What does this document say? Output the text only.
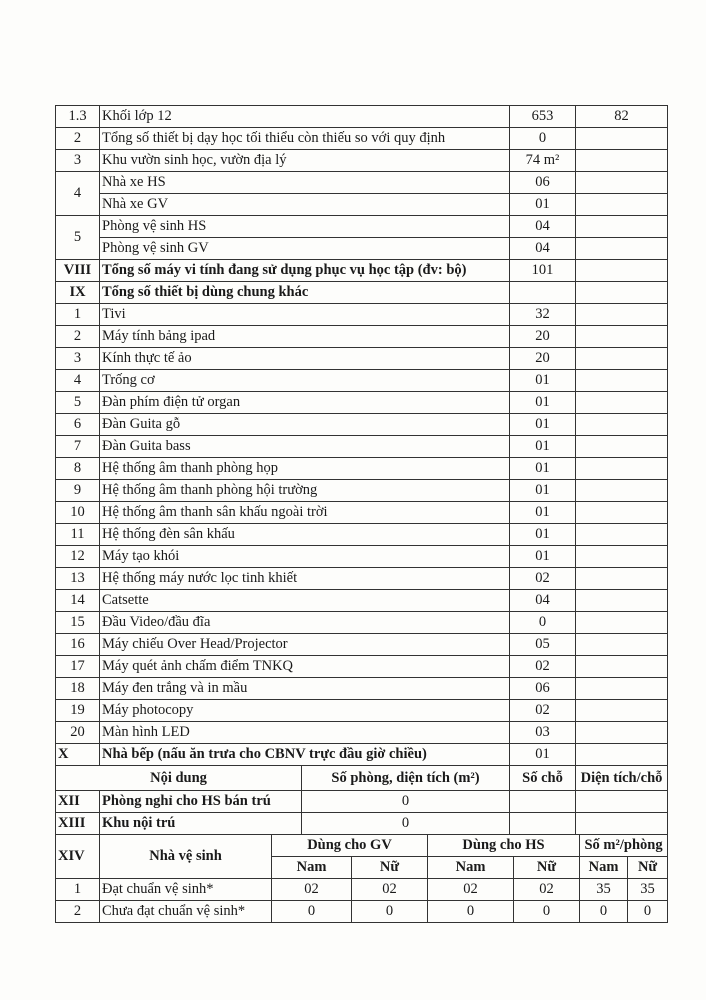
1.3	Khối lớp 12	653	82
2	Tổng số thiết bị dạy học tối thiểu còn thiếu so với quy định	0	
3	Khu vườn sinh học, vườn địa lý	74 m²	
4	Nhà xe HS	06	
	Nhà xe GV	01	
5	Phòng vệ sinh HS	04	
	Phòng vệ sinh GV	04	
VIII	Tổng số máy vi tính đang sử dụng phục vụ học tập (đv: bộ)	101	
IX	Tổng số thiết bị dùng chung khác		
1	Tivi	32	
2	Máy tính bảng ipad	20	
3	Kính thực tế ảo	20	
4	Trống cơ	01	
5	Đàn phím điện tử organ	01	
6	Đàn Guita gỗ	01	
7	Đàn Guita bass	01	
8	Hệ thống âm thanh phòng họp	01	
9	Hệ thống âm thanh phòng hội trường	01	
10	Hệ thống âm thanh sân khấu ngoài trời	01	
11	Hệ thống đèn sân khấu	01	
12	Máy tạo khói	01	
13	Hệ thống máy nước lọc tinh khiết	02	
14	Catsette	04	
15	Đầu Video/đầu đĩa	0	
16	Máy chiếu Over Head/Projector	05	
17	Máy quét ảnh chấm điểm TNKQ	02	
18	Máy đen trắng và in mầu	06	
19	Máy photocopy	02	
20	Màn hình LED	03	
X	Nhà bếp (nấu ăn trưa cho CBNV trực đầu giờ chiều)	01	
Nội dung		Số phòng, diện tích (m²)	Số chỗ	Diện tích/chỗ
XII	Phòng nghỉ cho HS bán trú	0		
XIII	Khu nội trú	0		
XIV	Nhà vệ sinh	Dùng cho GV		Dùng cho HS		Số m²/phòng	
		Nam	Nữ	Nam	Nữ	Nam	Nữ
1	Đạt chuẩn vệ sinh*	02	02	02	02	35	35
2	Chưa đạt chuẩn vệ sinh*	0	0	0	0	0	0
